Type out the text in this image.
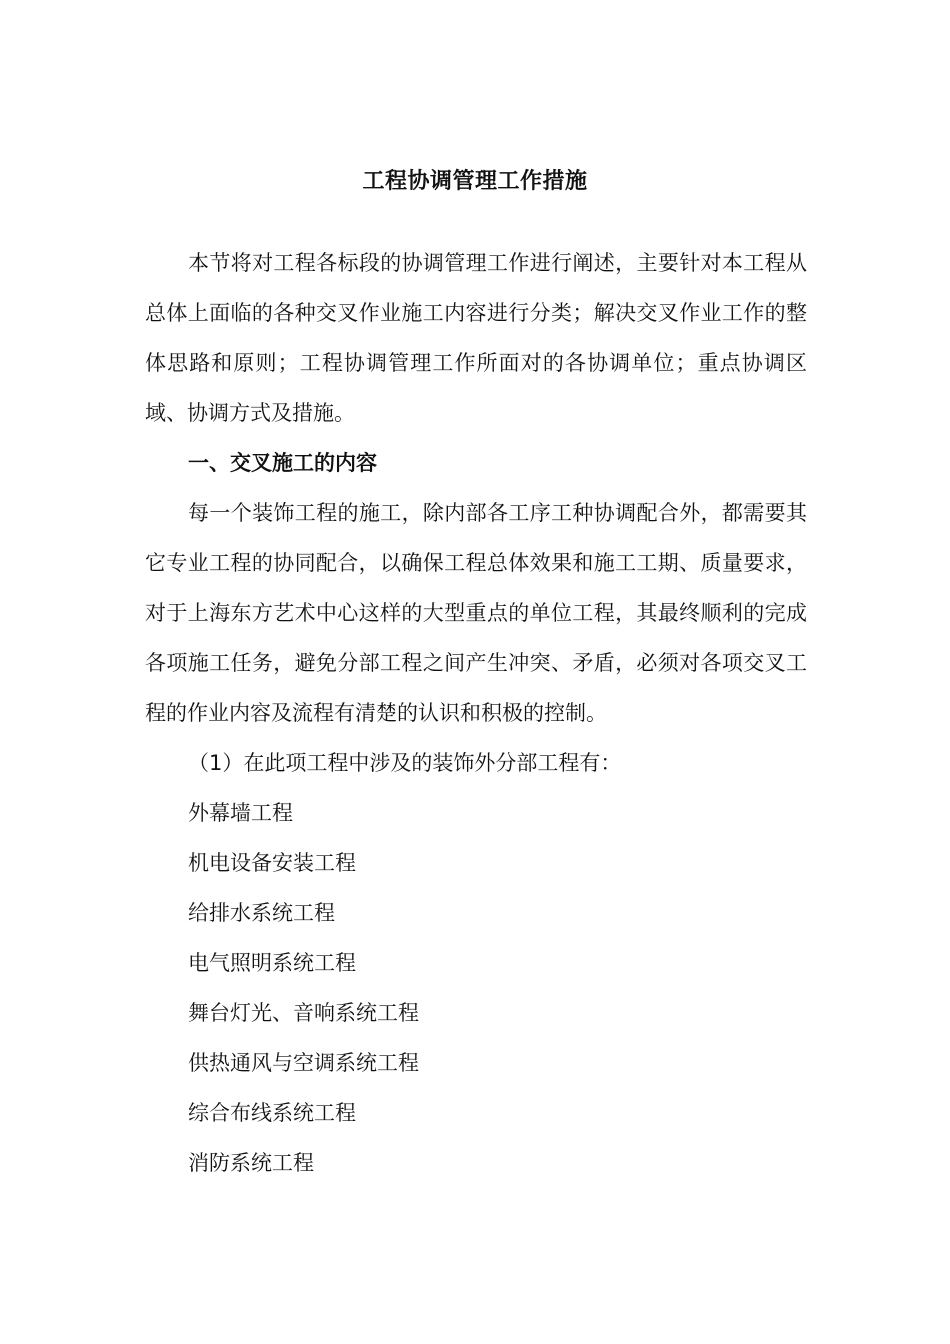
工程协调管理工作措施

本节将对工程各标段的协调管理工作进行阐述，主要针对本工程从总体上面临的各种交叉作业施工内容进行分类；解决交叉作业工作的整体思路和原则；工程协调管理工作所面对的各协调单位；重点协调区域、协调方式及措施。

一、交叉施工的内容

每一个装饰工程的施工，除内部各工序工种协调配合外，都需要其它专业工程的协同配合，以确保工程总体效果和施工工期、质量要求，对于上海东方艺术中心这样的大型重点的单位工程，其最终顺利的完成各项施工任务，避免分部工程之间产生冲突、矛盾，必须对各项交叉工程的作业内容及流程有清楚的认识和积极的控制。

（1）在此项工程中涉及的装饰外分部工程有：

外幕墙工程
机电设备安装工程
给排水系统工程
电气照明系统工程
舞台灯光、音响系统工程
供热通风与空调系统工程
综合布线系统工程
消防系统工程
